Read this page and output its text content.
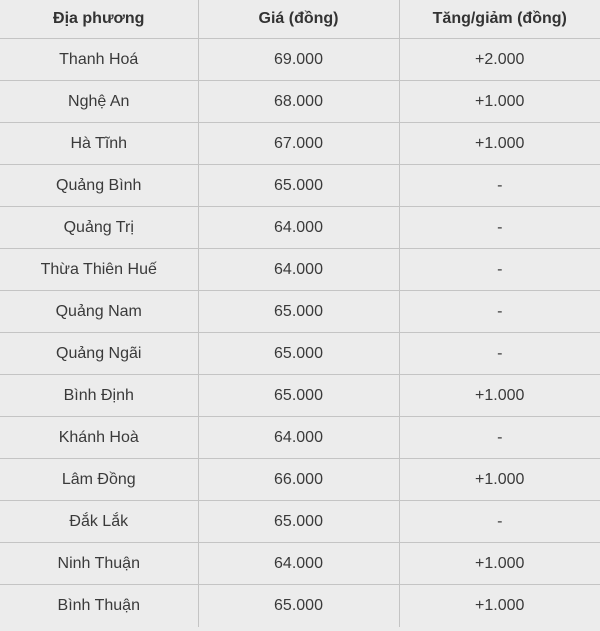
Địa phương	Giá (đồng)	Tăng/giảm (đồng)
Thanh Hoá	69.000	+2.000
Nghệ An	68.000	+1.000
Hà Tĩnh	67.000	+1.000
Quảng Bình	65.000	-
Quảng Trị	64.000	-
Thừa Thiên Huế	64.000	-
Quảng Nam	65.000	-
Quảng Ngãi	65.000	-
Bình Định	65.000	+1.000
Khánh Hoà	64.000	-
Lâm Đồng	66.000	+1.000
Đắk Lắk	65.000	-
Ninh Thuận	64.000	+1.000
Bình Thuận	65.000	+1.000
